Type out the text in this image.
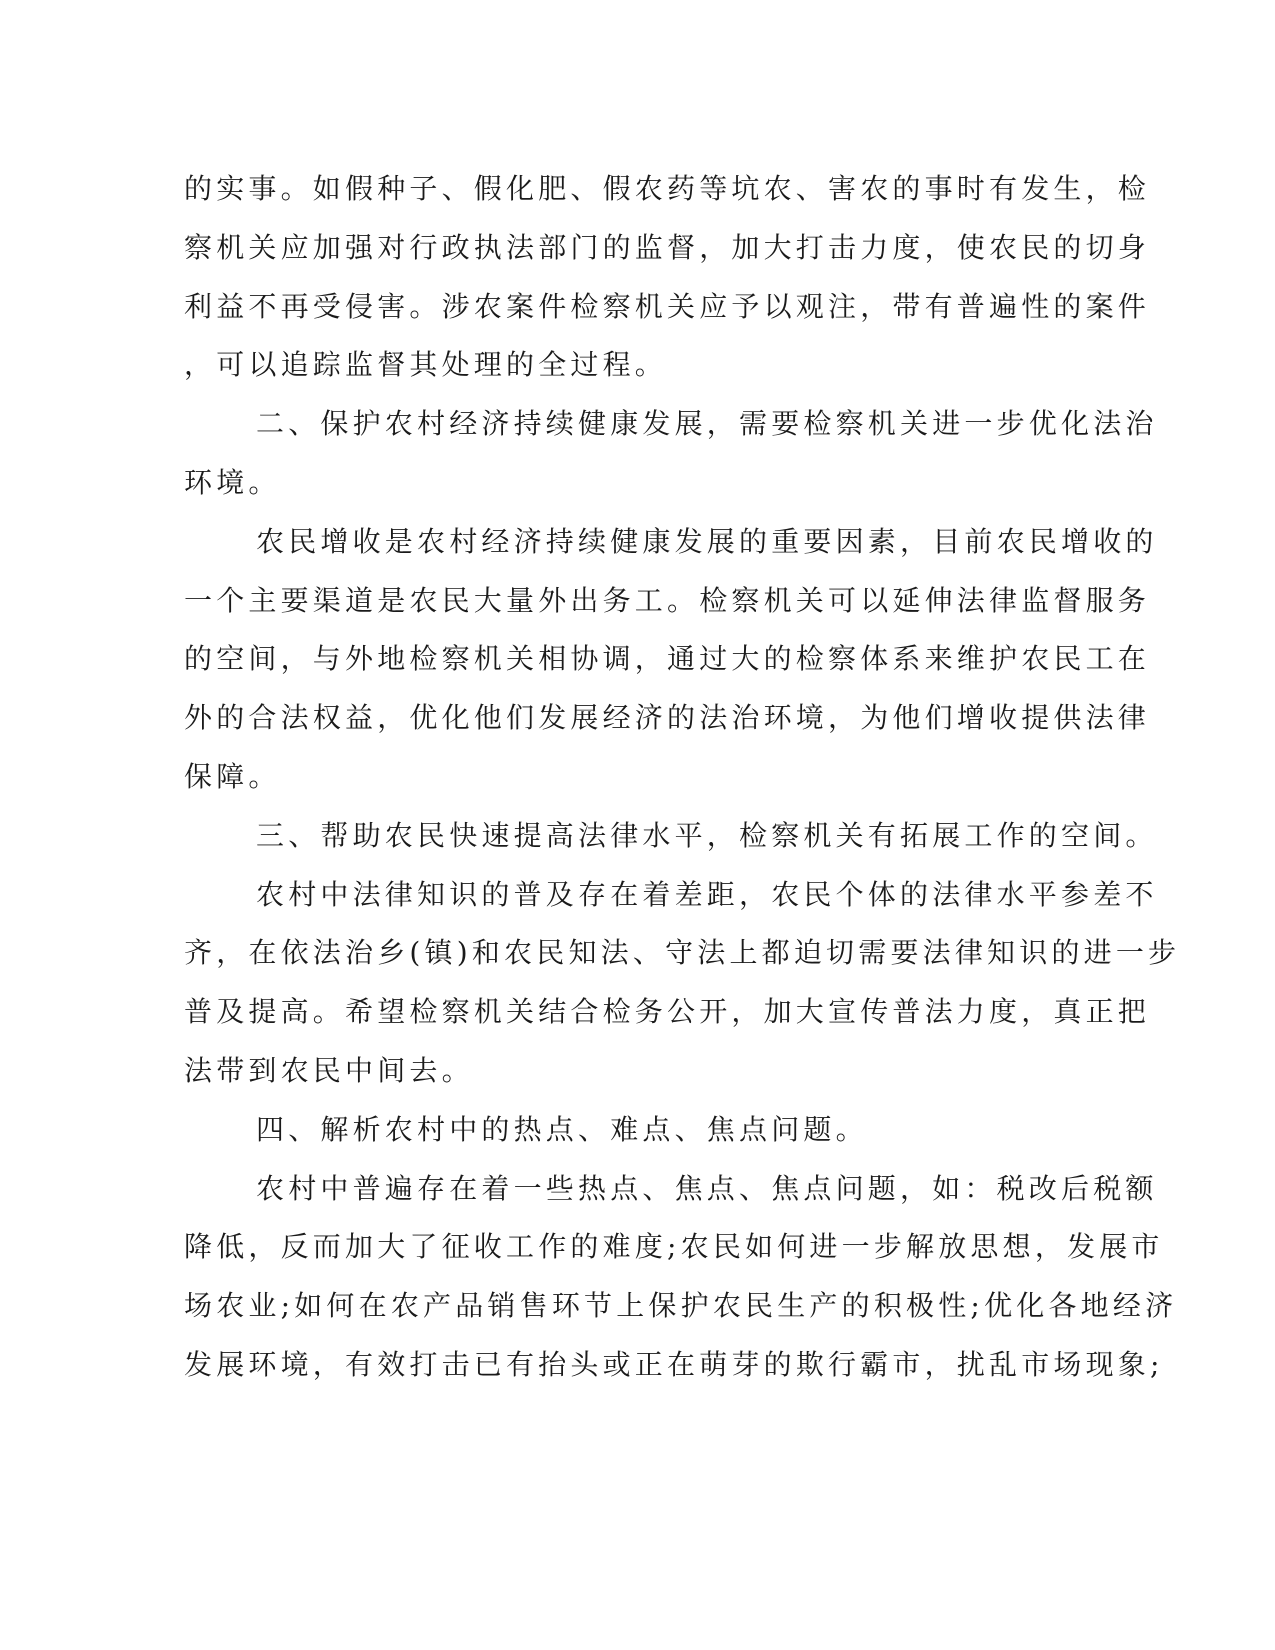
的实事。如假种子、假化肥、假农药等坑农、害农的事时有发生，检
察机关应加强对行政执法部门的监督，加大打击力度，使农民的切身
利益不再受侵害。涉农案件检察机关应予以观注，带有普遍性的案件
，可以追踪监督其处理的全过程。
二、保护农村经济持续健康发展，需要检察机关进一步优化法治
环境。
农民增收是农村经济持续健康发展的重要因素，目前农民增收的
一个主要渠道是农民大量外出务工。检察机关可以延伸法律监督服务
的空间，与外地检察机关相协调，通过大的检察体系来维护农民工在
外的合法权益，优化他们发展经济的法治环境，为他们增收提供法律
保障。
三、帮助农民快速提高法律水平，检察机关有拓展工作的空间。
农村中法律知识的普及存在着差距，农民个体的法律水平参差不
齐，在依法治乡(镇)和农民知法、守法上都迫切需要法律知识的进一步
普及提高。希望检察机关结合检务公开，加大宣传普法力度，真正把
法带到农民中间去。
四、解析农村中的热点、难点、焦点问题。
农村中普遍存在着一些热点、焦点、焦点问题，如：税改后税额
降低，反而加大了征收工作的难度;农民如何进一步解放思想，发展市
场农业;如何在农产品销售环节上保护农民生产的积极性;优化各地经济
发展环境，有效打击已有抬头或正在萌芽的欺行霸市，扰乱市场现象;
